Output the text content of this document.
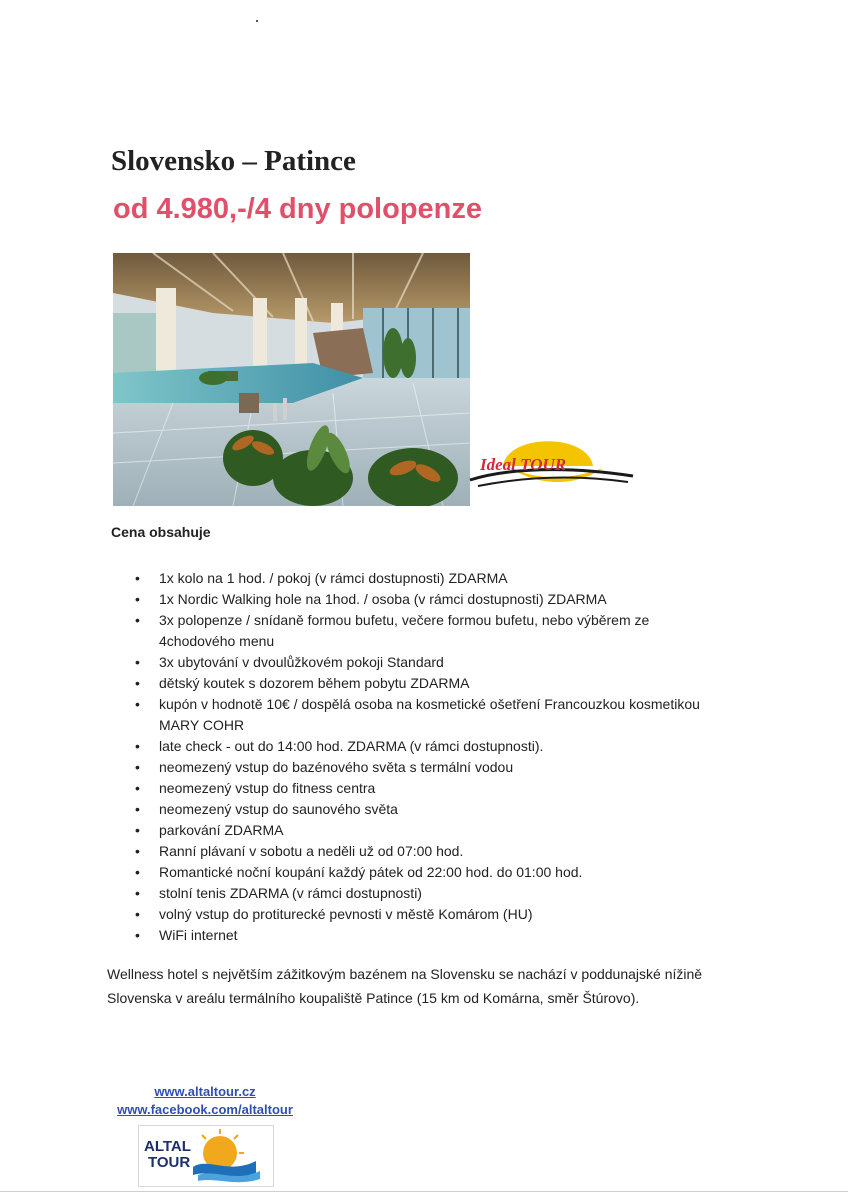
Slovensko – Patince
od 4.980,-/4 dny polopenze
Ideal TOUR
Cena obsahuje
• 1x kolo na 1 hod. / pokoj (v rámci dostupnosti) ZDARMA
• 1x Nordic Walking hole na 1hod. / osoba (v rámci dostupnosti) ZDARMA
• 3x polopenze / snídaně formou bufetu, večere formou bufetu, nebo výběrem ze 4chodového menu
• 3x ubytování v dvoulůžkovém pokoji Standard
• dětský koutek s dozorem během pobytu ZDARMA
• kupón v hodnotě 10€ / dospělá osoba na kosmetické ošetření Francouzkou kosmetikou MARY COHR
• late check - out do 14:00 hod. ZDARMA (v rámci dostupnosti).
• neomezený vstup do bazénového světa s termální vodou
• neomezený vstup do fitness centra
• neomezený vstup do saunového světa
• parkování ZDARMA
• Ranní plávaní v sobotu a neděli už od 07:00 hod.
• Romantické noční koupání každý pátek od 22:00 hod. do 01:00 hod.
• stolní tenis ZDARMA (v rámci dostupnosti)
• volný vstup do protiturecké pevnosti v městě Komárom (HU)
• WiFi internet

Wellness hotel s největším zážitkovým bazénem na Slovensku se nachází v poddunajské nížině Slovenska v areálu termálního koupaliště Patince (15 km od Komárna, směr Štúrovo).

www.altaltour.cz
www.facebook.com/altaltour
ALTAL
TOUR
